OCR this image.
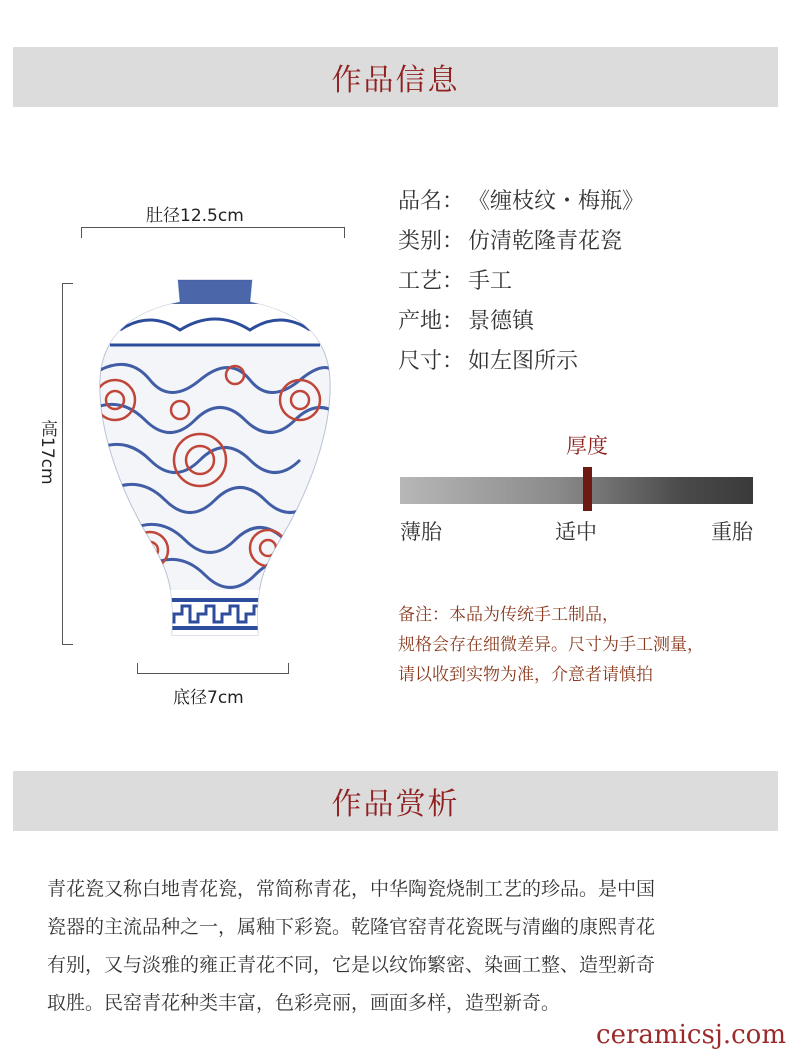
作品信息
肚径12.5cm
高17cm
底径7cm
品名： 《缠枝纹・梅瓶》
类别： 仿清乾隆青花瓷
工艺： 手工
产地： 景德镇
尺寸： 如左图所示
厚度
薄胎	适中	重胎
备注：本品为传统手工制品，
规格会存在细微差异。尺寸为手工测量，
请以收到实物为准，介意者请慎拍
作品赏析
青花瓷又称白地青花瓷，常简称青花，中华陶瓷烧制工艺的珍品。是中国
瓷器的主流品种之一，属釉下彩瓷。乾隆官窑青花瓷既与清幽的康熙青花
有别，又与淡雅的雍正青花不同，它是以纹饰繁密、染画工整、造型新奇
取胜。民窑青花种类丰富，色彩亮丽，画面多样，造型新奇。
ceramicsj.com
